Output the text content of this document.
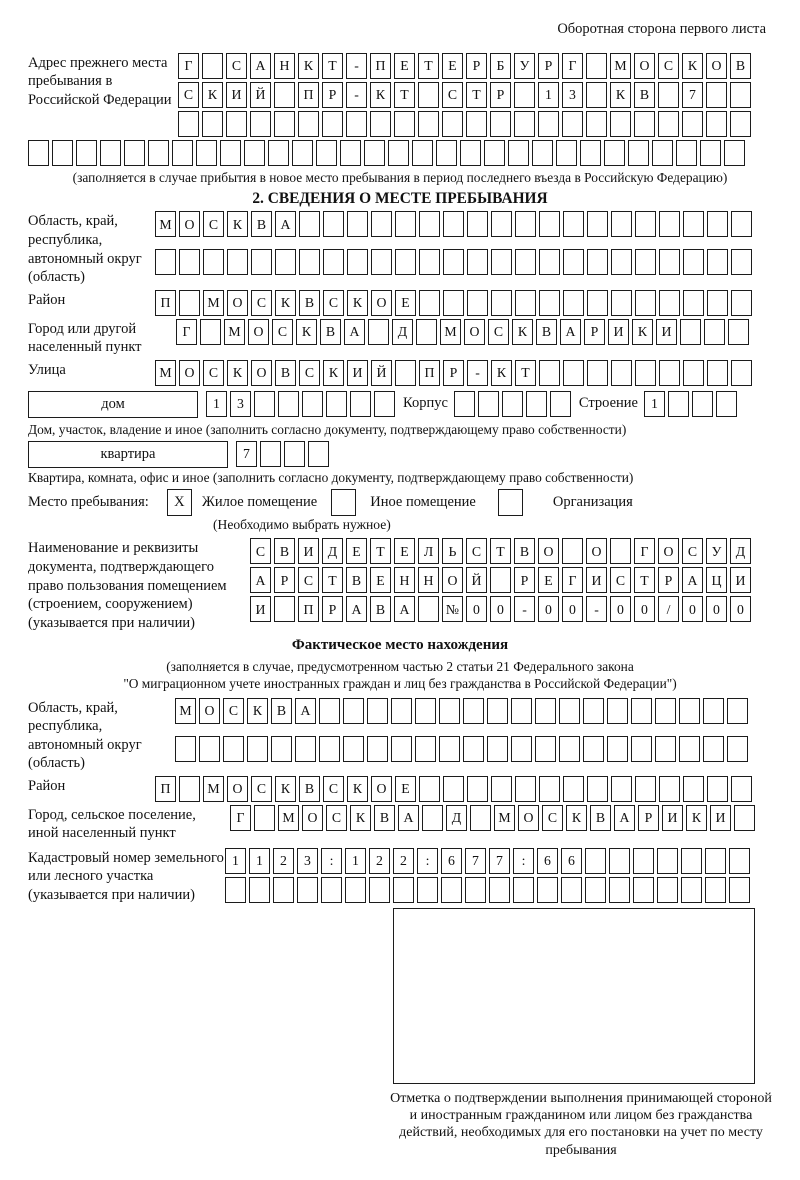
Оборотная сторона первого листа
Адрес прежнего места пребывания в Российской Федерации
Г	С	А	Н	К	Т	-	П	Е	Т	Е	Р	Б	У	Р	Г	М О	С	К	О	В
С	К	И	Й	П	Р	-	К	Т	С	Т	Р	1	3	К	В	7
(заполняется в случае прибытия в новое место пребывания в период последнего въезда в Российскую Федерацию)
2. СВЕДЕНИЯ О МЕСТЕ ПРЕБЫВАНИЯ
Область, край, республика, автономный округ (область)
М О	С	К	В	А
Район	П	М О	С	К	В	С	К	О	Е
Город или другой населенный пункт
Г	М О	С	К	В	А	Д	М О	С	К	В	А	Р	И	К	И
Улица	М О	С	К	О	В	С	К	И	Й	П	Р	-	К	Т
дом	1	3	Корпус	Строение 1
Дом, участок, владение и иное (заполнить согласно документу, подтверждающему право собственности)
квартира	7
Квартира, комната, офис и иное (заполнить согласно документу, подтверждающему право собственности)
Место пребывания:	X	Жилое помещение	Иное помещение	Организация
(Необходимо выбрать нужное)
Наименование и реквизиты документа, подтверждающего право пользования помещением (строением, сооружением) (указывается при наличии)
С	В	И	Д	Е	Т	Е	Л	Ь	С	Т	В	О	О	Г	О	С	У	Д
А	Р	С	Т	В	Е	Н	Н	О	Й	Р	Е	Г	И	С	Т	Р	А	Ц	И
И	П	Р	А	В	А	№	0	0	-	0	0	-	0	0	/	0	0	0
Фактическое место нахождения
(заполняется в случае, предусмотренном частью 2 статьи 21 Федерального закона
"О миграционном учете иностранных граждан и лиц без гражданства в Российской Федерации")
Область, край, республика, автономный округ (область)
М О	С	К	В	А
Район	П	М О	С	К	В	С	К	О	Е
Город, сельское поселение, иной населенный пункт
Г	М О	С	К	В	А	Д	М О	С	К	В	А	Р	И	К	И
Кадастровый номер земельного или лесного участка (указывается при наличии)
1	1	2	3	:	1	2	2	:	6	7	7	:	6	6
Отметка о подтверждении выполнения принимающей стороной и иностранным гражданином или лицом без гражданства действий, необходимых для его постановки на учет по месту пребывания
